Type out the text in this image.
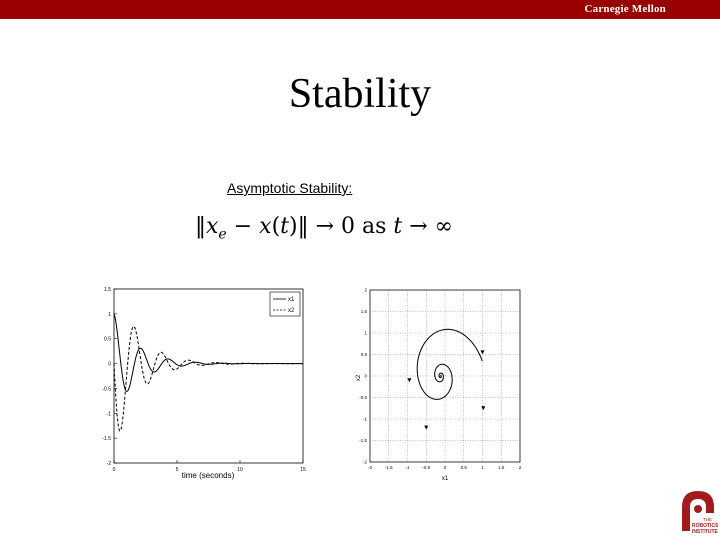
Carnegie Mellon
Stability
Asymptotic Stability:
$‖x_e$ − x(t)‖ → 0 as t → ∞
1.5
1
0.5
0
-0.5
-1
-1.5
-2
0	5	10	15
x1
x2
time (seconds)
2
1.5
1
0.5
0
-0.5
-1
-1.5
-2
-2	-1.5	-1	-0.5	0	0.5	1	1.5	2
x2
x1
THE
ROBOTICS
INSTITUTE
